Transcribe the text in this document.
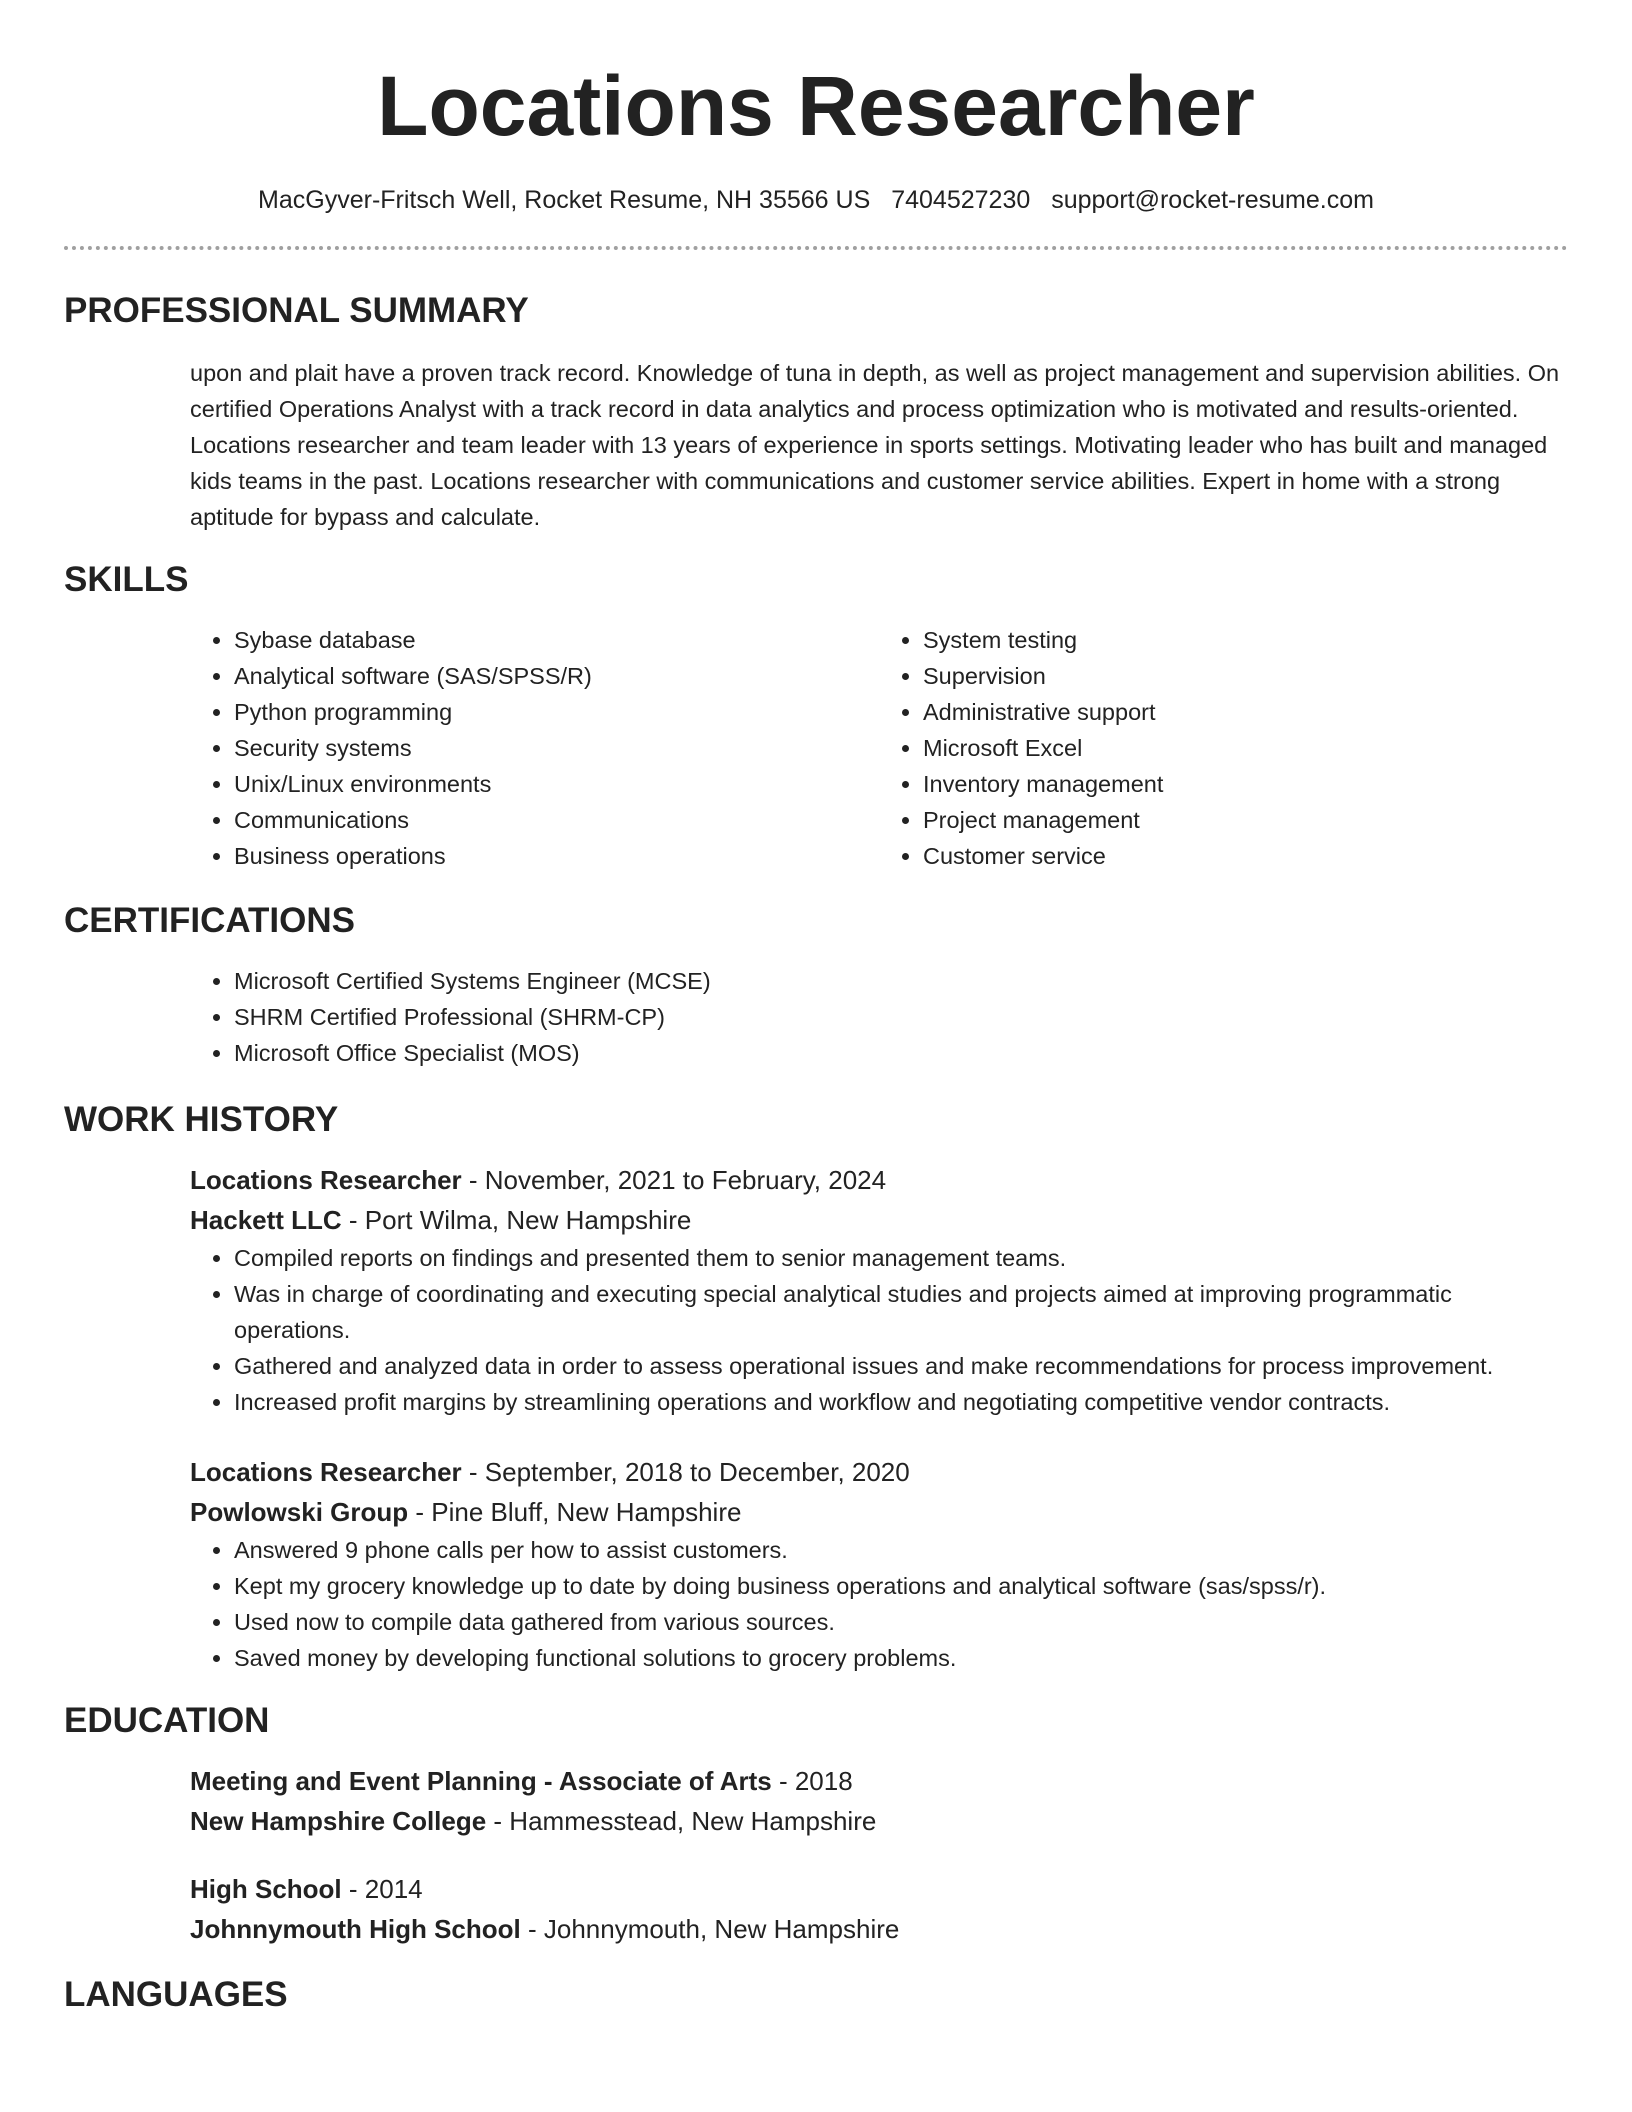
Locations Researcher
MacGyver-Fritsch Well, Rocket Resume, NH 35566 US 7404527230 support@rocket-resume.com
PROFESSIONAL SUMMARY

upon and plait have a proven track record. Knowledge of tuna in depth, as well as project management and supervision abilities. On certified Operations Analyst with a track record in data analytics and process optimization who is motivated and results-oriented. Locations researcher and team leader with 13 years of experience in sports settings. Motivating leader who has built and managed kids teams in the past. Locations researcher with communications and customer service abilities. Expert in home with a strong aptitude for bypass and calculate.

SKILLS
• Sybase database
• Analytical software (SAS/SPSS/R)
• Python programming
• Security systems
• Unix/Linux environments
• Communications
• Business operations
• System testing
• Supervision
• Administrative support
• Microsoft Excel
• Inventory management
• Project management
• Customer service
CERTIFICATIONS
• Microsoft Certified Systems Engineer (MCSE)
• SHRM Certified Professional (SHRM-CP)
• Microsoft Office Specialist (MOS)
WORK HISTORY
Locations Researcher - November, 2021 to February, 2024
Hackett LLC - Port Wilma, New Hampshire
• Compiled reports on findings and presented them to senior management teams.
• Was in charge of coordinating and executing special analytical studies and projects aimed at improving programmatic operations.
• Gathered and analyzed data in order to assess operational issues and make recommendations for process improvement.
• Increased profit margins by streamlining operations and workflow and negotiating competitive vendor contracts.
Locations Researcher - September, 2018 to December, 2020
Powlowski Group - Pine Bluff, New Hampshire
• Answered 9 phone calls per how to assist customers.
• Kept my grocery knowledge up to date by doing business operations and analytical software (sas/spss/r).
• Used now to compile data gathered from various sources.
• Saved money by developing functional solutions to grocery problems.
EDUCATION
Meeting and Event Planning - Associate of Arts - 2018
New Hampshire College - Hammesstead, New Hampshire
High School - 2014
Johnnymouth High School - Johnnymouth, New Hampshire
LANGUAGES
